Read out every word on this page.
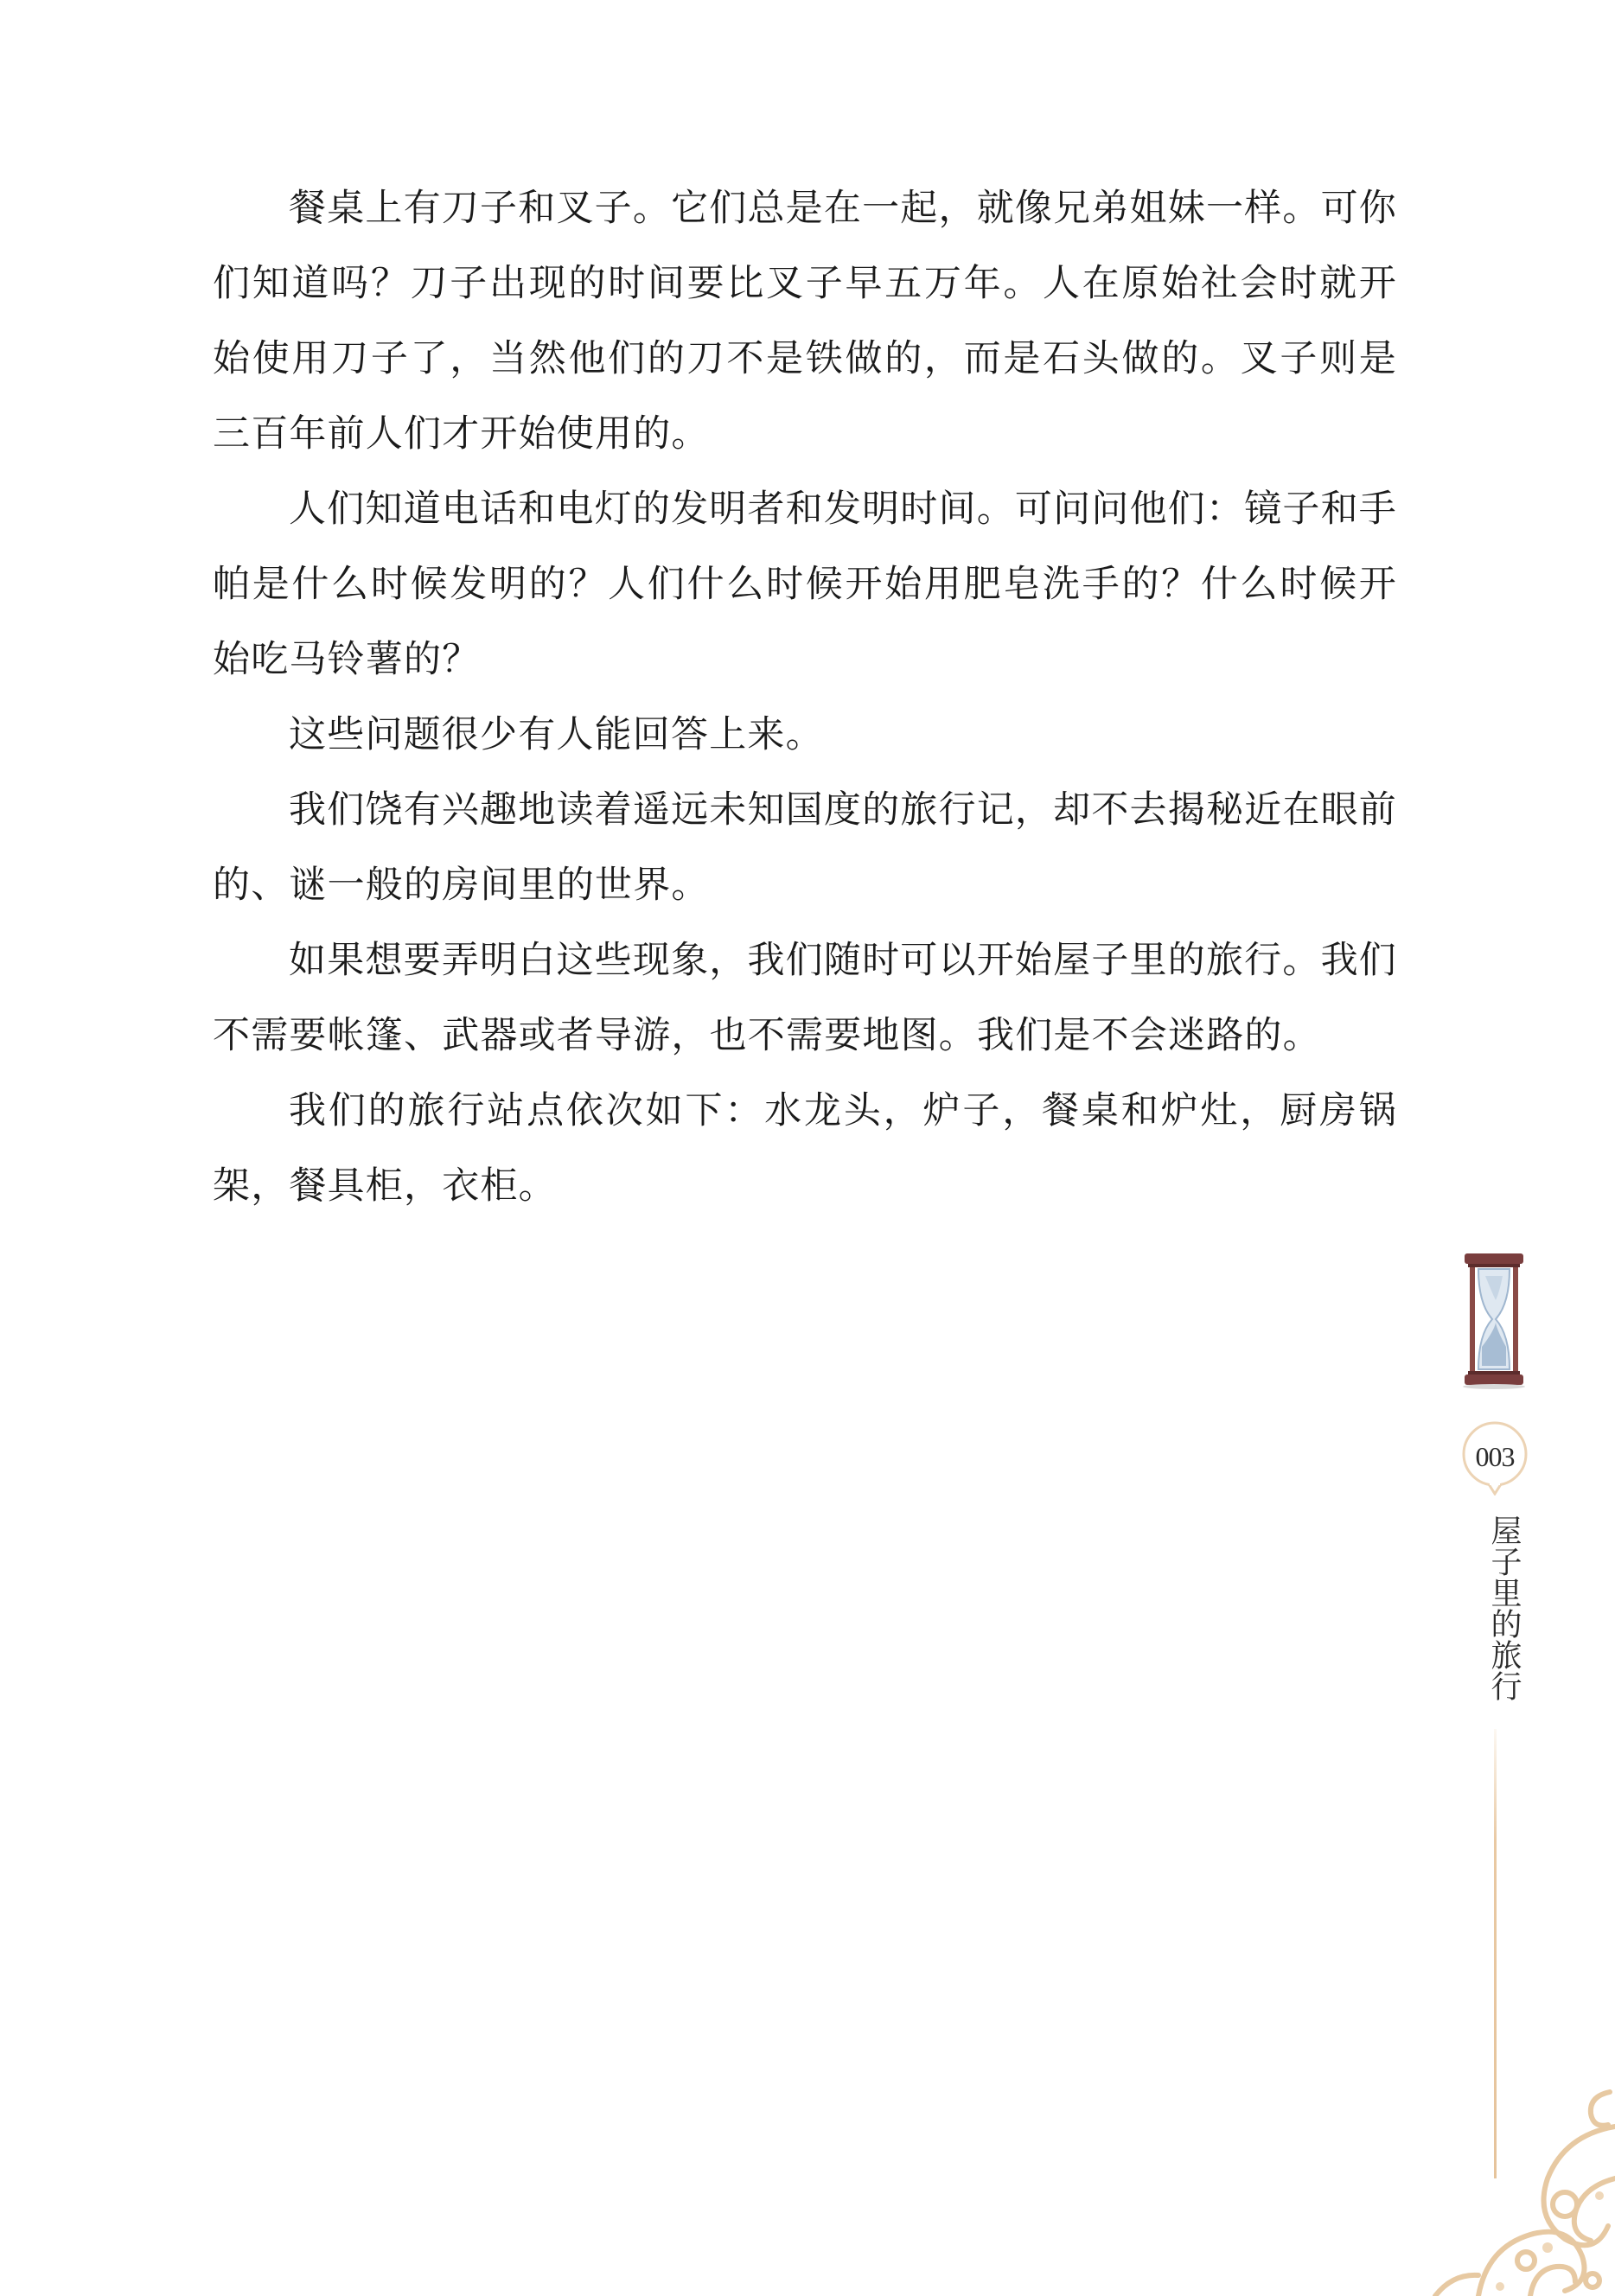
餐桌上有刀子和叉子。它们总是在一起，就像兄弟姐妹一样。可你们知道吗？刀子出现的时间要比叉子早五万年。人在原始社会时就开始使用刀子了，当然他们的刀不是铁做的，而是石头做的。叉子则是三百年前人们才开始使用的。

人们知道电话和电灯的发明者和发明时间。可问问他们：镜子和手帕是什么时候发明的？人们什么时候开始用肥皂洗手的？什么时候开始吃马铃薯的？

这些问题很少有人能回答上来。

我们饶有兴趣地读着遥远未知国度的旅行记，却不去揭秘近在眼前的、谜一般的房间里的世界。

如果想要弄明白这些现象，我们随时可以开始屋子里的旅行。我们不需要帐篷、武器或者导游，也不需要地图。我们是不会迷路的。

我们的旅行站点依次如下：水龙头，炉子，餐桌和炉灶，厨房锅架，餐具柜，衣柜。

003
屋子里的旅行
